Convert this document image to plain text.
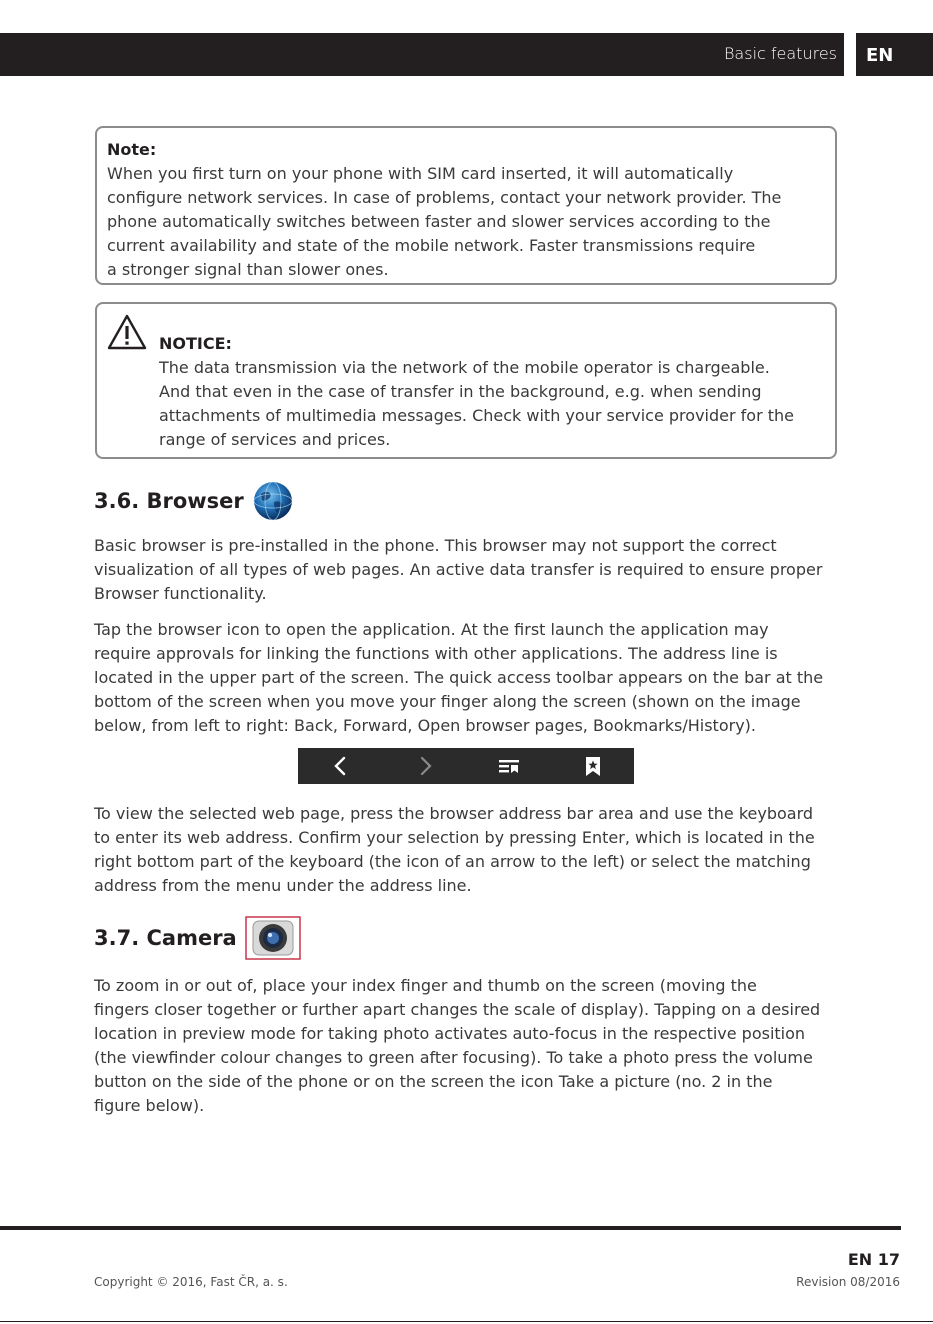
Basic features	EN
Note:
When you first turn on your phone with SIM card inserted, it will automatically
configure network services. In case of problems, contact your network provider. The
phone automatically switches between faster and slower services according to the
current availability and state of the mobile network. Faster transmissions require
a stronger signal than slower ones.
NOTICE:
The data transmission via the network of the mobile operator is chargeable.
And that even in the case of transfer in the background, e.g. when sending
attachments of multimedia messages. Check with your service provider for the
range of services and prices.
3.6. Browser
Basic browser is pre-installed in the phone. This browser may not support the correct
visualization of all types of web pages. An active data transfer is required to ensure proper
Browser functionality.
Tap the browser icon to open the application. At the first launch the application may
require approvals for linking the functions with other applications. The address line is
located in the upper part of the screen. The quick access toolbar appears on the bar at the
bottom of the screen when you move your finger along the screen (shown on the image
below, from left to right: Back, Forward, Open browser pages, Bookmarks/History).
To view the selected web page, press the browser address bar area and use the keyboard
to enter its web address. Confirm your selection by pressing Enter, which is located in the
right bottom part of the keyboard (the icon of an arrow to the left) or select the matching
address from the menu under the address line.
3.7. Camera
To zoom in or out of, place your index finger and thumb on the screen (moving the
fingers closer together or further apart changes the scale of display). Tapping on a desired
location in preview mode for taking photo activates auto-focus in the respective position
(the viewfinder colour changes to green after focusing). To take a photo press the volume
button on the side of the phone or on the screen the icon Take a picture (no. 2 in the
figure below).
EN 17
Copyright © 2016, Fast ČR, a. s.	Revision 08/2016
